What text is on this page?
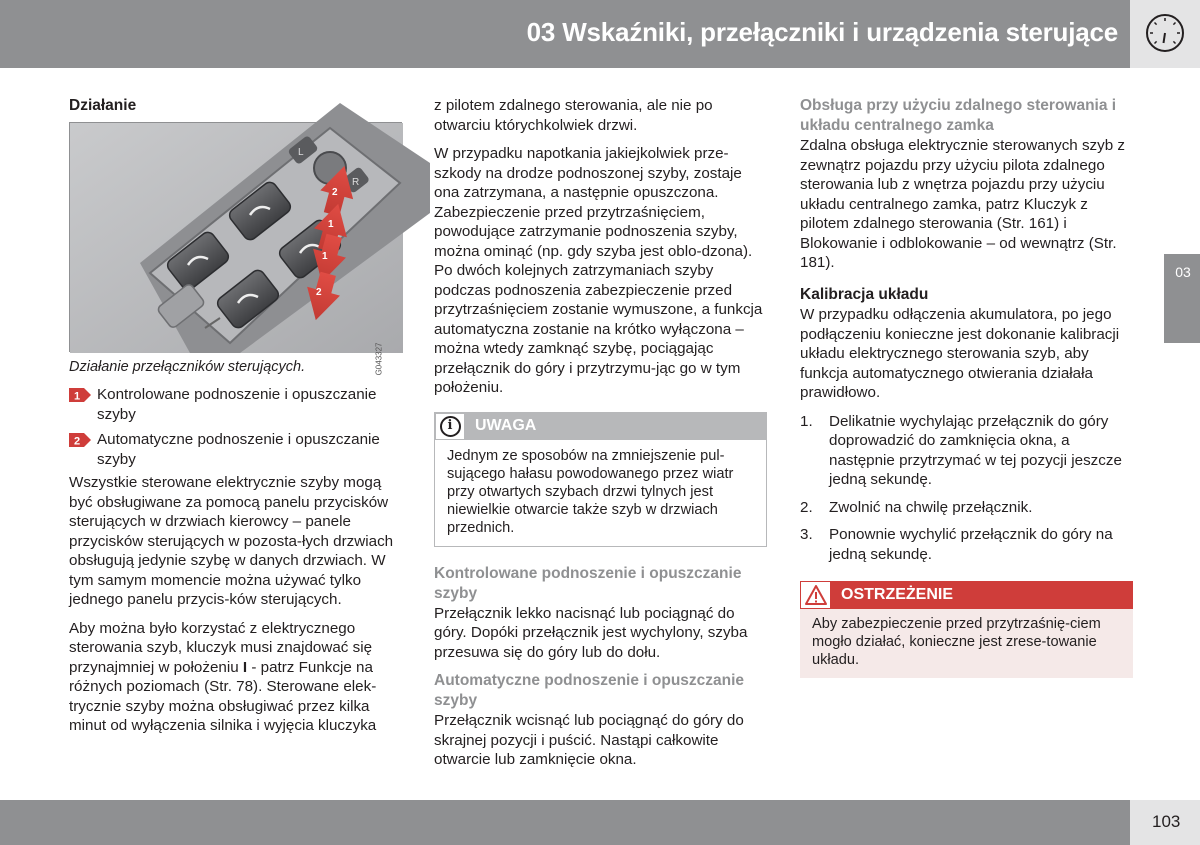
03 Wskaźniki, przełączniki i urządzenia sterujące
03
Działanie
L
R
2
1
1
2
G043327
Działanie przełączników sterujących.
1 Kontrolowane podnoszenie i opuszczanie szyby
2 Automatyczne podnoszenie i opuszczanie szyby

Wszystkie sterowane elektrycznie szyby mogą być obsługiwane za pomocą panelu przycisków sterujących w drzwiach kierowcy – panele przycisków sterujących w pozosta-łych drzwiach obsługują jedynie szybę w danych drzwiach. W tym samym momencie można używać tylko jednego panelu przycis-ków sterujących.

Aby można było korzystać z elektrycznego sterowania szyb, kluczyk musi znajdować się przynajmniej w położeniu I - patrz Funkcje na różnych poziomach (Str. 78). Sterowane elek-trycznie szyby można obsługiwać przez kilka minut od wyłączenia silnika i wyjęcia kluczyka

z pilotem zdalnego sterowania, ale nie po otwarciu którychkolwiek drzwi.

W przypadku napotkania jakiejkolwiek prze-szkody na drodze podnoszonej szyby, zostaje ona zatrzymana, a następnie opuszczona. Zabezpieczenie przed przytrzaśnięciem, powodujące zatrzymanie podnoszenia szyby, można ominąć (np. gdy szyba jest oblo-dzona). Po dwóch kolejnych zatrzymaniach szyby podczas podnoszenia zabezpieczenie przed przytrzaśnięciem zostanie wymuszone, a funkcja automatyczna zostanie na krótko wyłączona – można wtedy zamknąć szybę, pociągając przełącznik do góry i przytrzymu-jąc go w tym położeniu.

i	UWAGA
Jednym ze sposobów na zmniejszenie pul-sującego hałasu powodowanego przez wiatr przy otwartych szybach drzwi tylnych jest niewielkie otwarcie także szyb w drzwiach przednich.
Kontrolowane podnoszenie i opuszczanie szyby

Przełącznik lekko nacisnąć lub pociągnąć do góry. Dopóki przełącznik jest wychylony, szyba przesuwa się do góry lub do dołu.

Automatyczne podnoszenie i opuszczanie szyby

Przełącznik wcisnąć lub pociągnąć do góry do skrajnej pozycji i puścić. Nastąpi całkowite otwarcie lub zamknięcie okna.

Obsługa przy użyciu zdalnego sterowania i układu centralnego zamka

Zdalna obsługa elektrycznie sterowanych szyb z zewnątrz pojazdu przy użyciu pilota zdalnego sterowania lub z wnętrza pojazdu przy użyciu układu centralnego zamka, patrz Kluczyk z pilotem zdalnego sterowania (Str. 161) i Blokowanie i odblokowanie – od wewnątrz (Str. 181).

Kalibracja układu

W przypadku odłączenia akumulatora, po jego podłączeniu konieczne jest dokonanie kalibracji układu elektrycznego sterowania szyb, aby funkcja automatycznego otwierania działała prawidłowo.

1.	Delikatnie wychylając przełącznik do góry doprowadzić do zamknięcia okna, a następnie przytrzymać w tej pozycji jeszcze jedną sekundę.
2.	Zwolnić na chwilę przełącznik.
3.	Ponownie wychylić przełącznik do góry na jedną sekundę.
OSTRZEŻENIE
Aby zabezpieczenie przed przytrzaśnię-ciem mogło działać, konieczne jest zrese-towanie układu.
103
